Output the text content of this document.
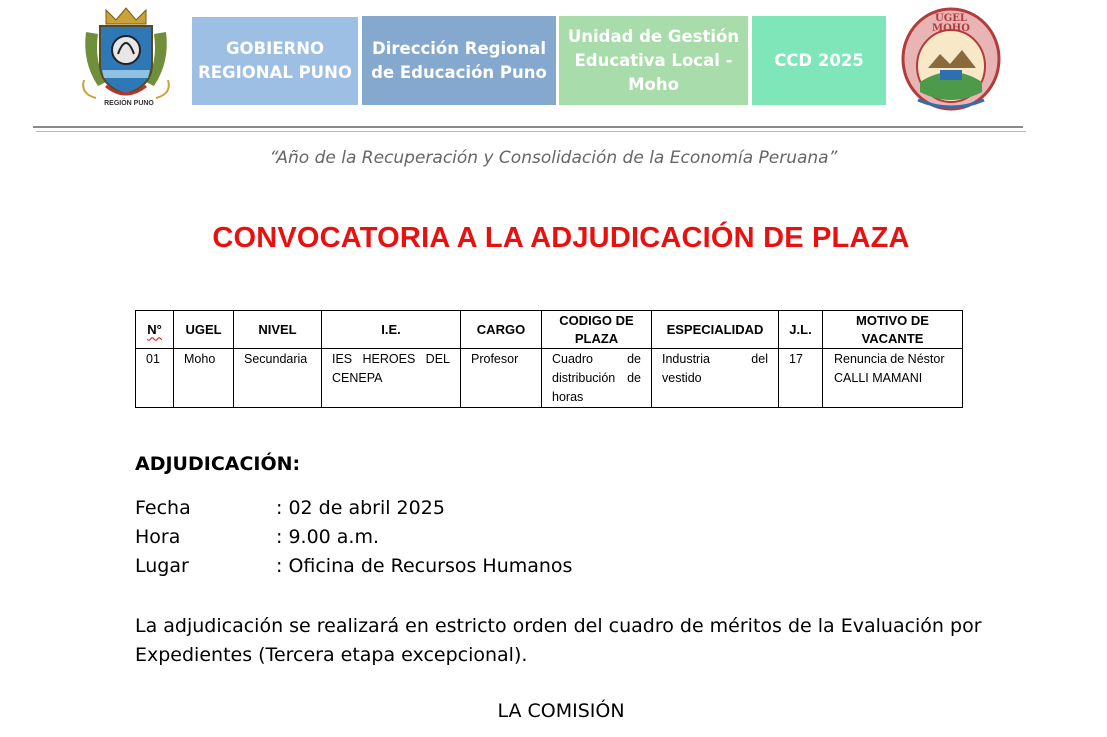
REGIÓN PUNO
GOBIERNO
REGIONAL PUNO
Dirección Regional
de Educación Puno
Unidad de Gestión
Educativa Local -
Moho
CCD 2025
UGEL
MOHO
“Año de la Recuperación y Consolidación de la Economía Peruana”
CONVOCATORIA A LA ADJUDICACIÓN DE PLAZA
N°	UGEL	NIVEL	I.E.	CARGO	CODIGO DE PLAZA	ESPECIALIDAD	J.L.	MOTIVO DE VACANTE
01	Moho	Secundaria	IES HEROES DEL CENEPA	Profesor	Cuadro de distribución de horas	Industria del vestido	17	Renuncia de Néstor CALLI MAMANI
ADJUDICACIÓN:
Fecha	: 02 de abril 2025
Hora	: 9.00 a.m.
Lugar	: Oficina de Recursos Humanos
La adjudicación se realizará en estricto orden del cuadro de méritos de la Evaluación por Expedientes (Tercera etapa excepcional).
LA COMISIÓN
